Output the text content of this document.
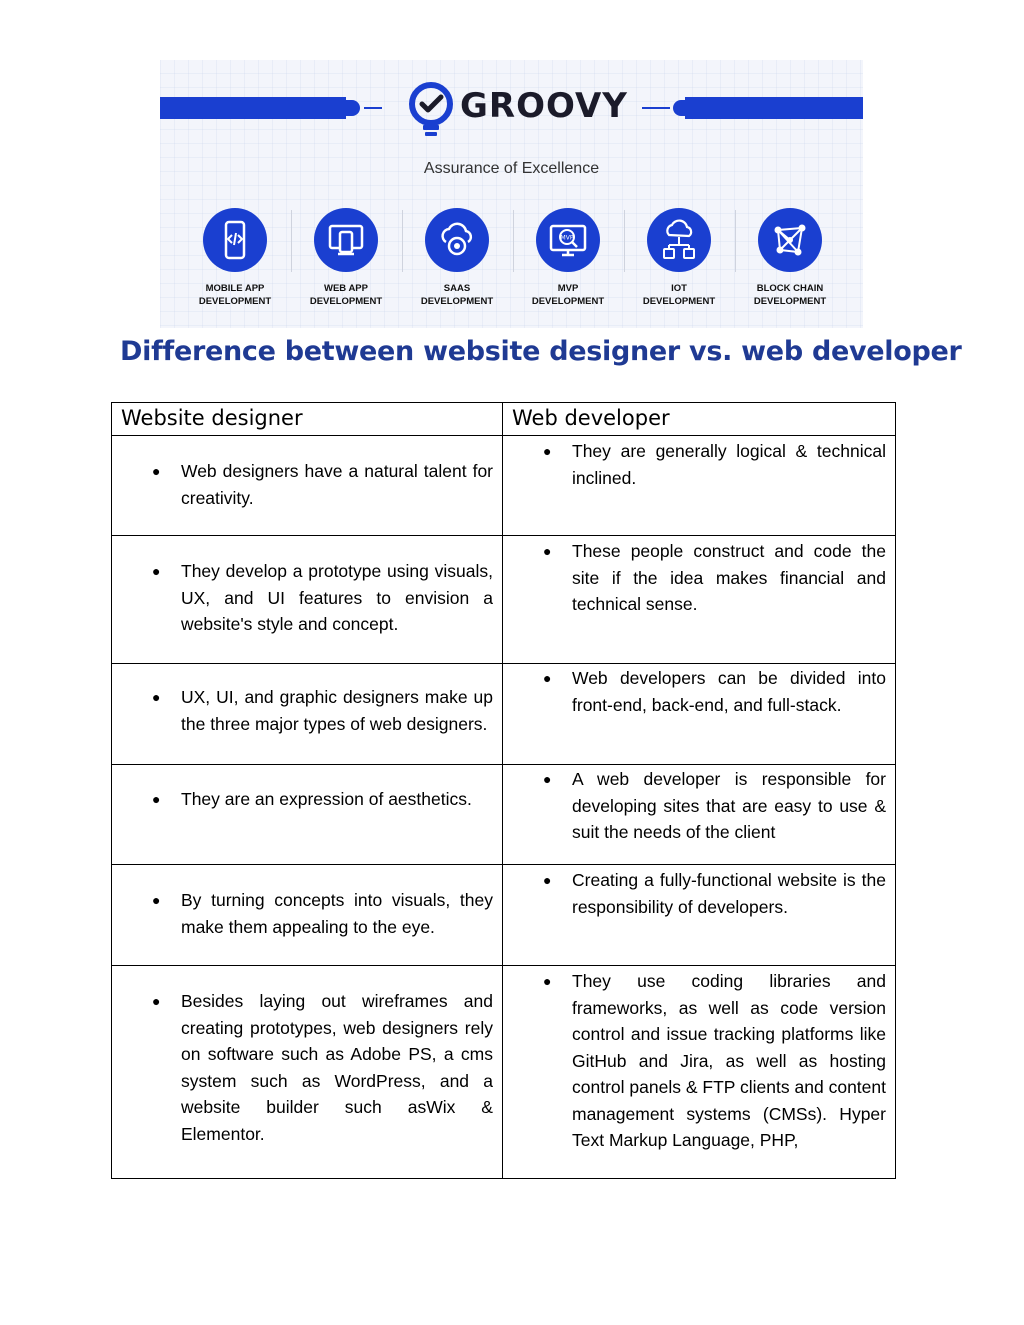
GROOVY
Assurance of Excellence
MOBILE APP
DEVELOPMENT
WEB APP
DEVELOPMENT
SAAS
DEVELOPMENT
MVP
MVP
DEVELOPMENT
IOT
DEVELOPMENT
BLOCK CHAIN
DEVELOPMENT
Difference between website designer vs. web developer
Website designer	Web developer

● Web designers have a natural talent for creativity.	● They are generally logical & technical inclined.

● They develop a prototype using visuals, UX, and UI features to envision a website's style and concept.	● These people construct and code the site if the idea makes financial and technical sense.

● UX, UI, and graphic designers make up the three major types of web designers.	● Web developers can be divided into front-end, back-end, and full-stack.

● They are an expression of aesthetics.	● A web developer is responsible for developing sites that are easy to use & suit the needs of the client

● By turning concepts into visuals, they make them appealing to the eye.	● Creating a fully-functional website is the responsibility of developers.

● Besides laying out wireframes and creating prototypes, web designers rely on software such as Adobe PS, a cms system such as WordPress, and a website builder such asWix & Elementor.	● They use coding libraries and frameworks, as well as code version control and issue tracking platforms like GitHub and Jira, as well as hosting control panels & FTP clients and content management systems (CMSs). Hyper Text Markup Language, PHP,
